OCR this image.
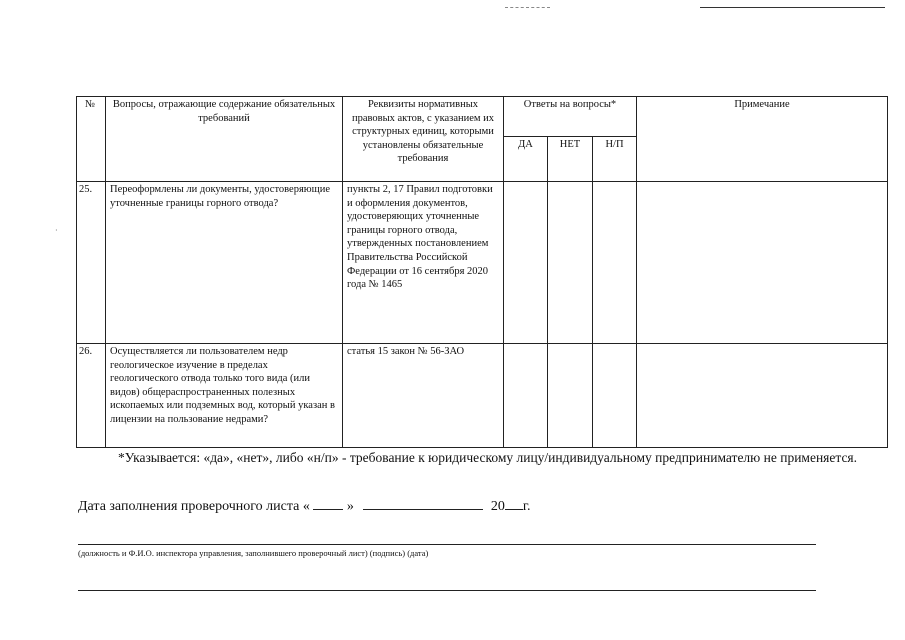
·
№	Вопросы, отражающие содержание обязательных требований	Реквизиты нормативных правовых актов, с указанием их структурных единиц, которыми установлены обязательные требования	Ответы на вопросы*			Примечание
			ДА	НЕТ	Н/П	
25.	Переоформлены ли документы, удостоверяющие уточненные границы горного отвода?	пункты 2, 17 Правил подготовки и оформления документов, удостоверяющих уточненные границы горного отвода, утвержденных постановлением Правительства Российской Федерации от 16 сентября 2020 года № 1465				
26.	Осуществляется ли пользователем недр геологическое изучение в пределах геологического отвода только того вида (или видов) общераспространенных полезных ископаемых или подземных вод, который указан в лицензии на пользование недрами?	статья 15 закон № 56-ЗАО				
*Указывается: «да», «нет», либо «н/п» - требование к юридическому лицу/индивидуальному предпринимателю не применяется.
Дата заполнения проверочного листа «	»	20 г.
(должность и Ф.И.О. инспектора управления, заполнившего проверочный лист) (подпись) (дата)
